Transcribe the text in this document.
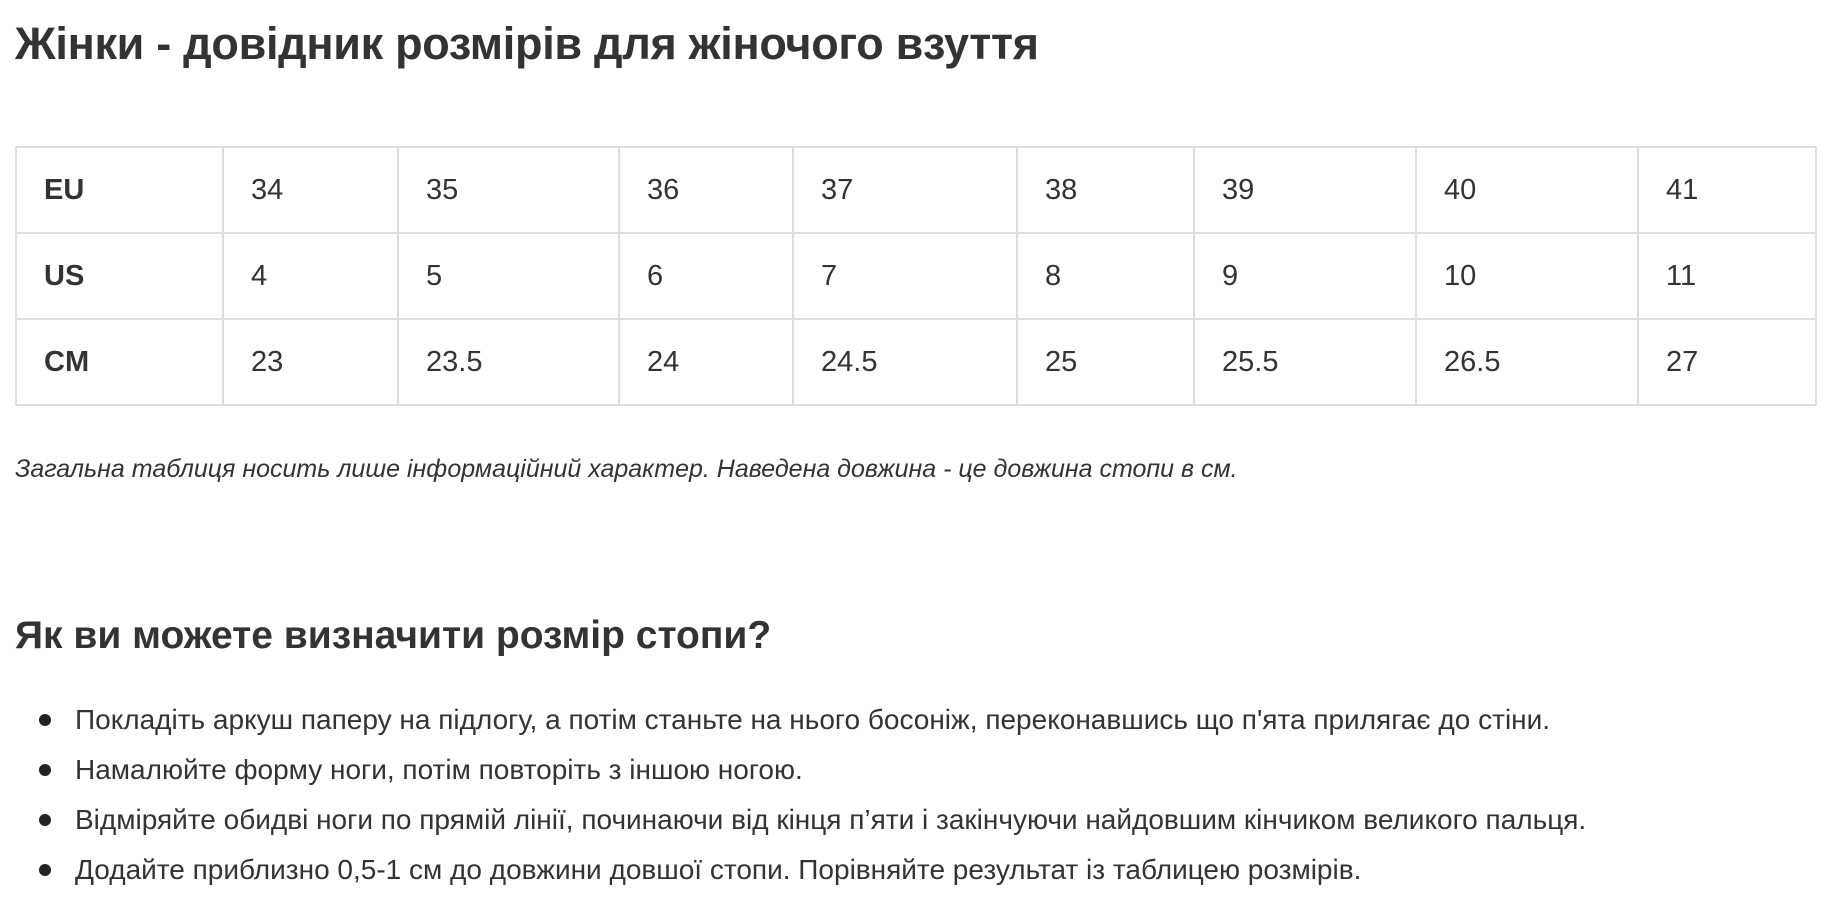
Жінки - довідник розмірів для жіночого взуття
EU	34	35	36	37	38	39	40	41
US	4	5	6	7	8	9	10	11
CM	23	23.5	24	24.5	25	25.5	26.5	27

Загальна таблиця носить лише інформаційний характер. Наведена довжина - це довжина стопи в см.

Як ви можете визначити розмір стопи?
Покладіть аркуш паперу на підлогу, а потім станьте на нього босоніж, переконавшись що п'ята прилягає до стіни.
Намалюйте форму ноги, потім повторіть з іншою ногою.
Відміряйте обидві ноги по прямій лінії, починаючи від кінця п’яти і закінчуючи найдовшим кінчиком великого пальця.
Додайте приблизно 0,5-1 см до довжини довшої стопи. Порівняйте результат із таблицею розмірів.
